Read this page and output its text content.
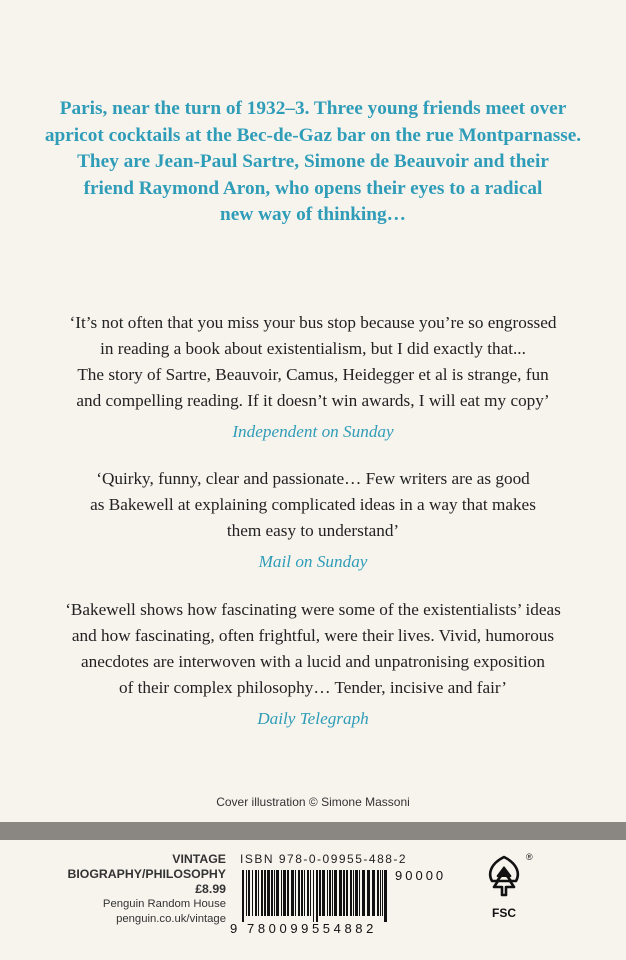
Paris, near the turn of 1932–3. Three young friends meet over
apricot cocktails at the Bec-de-Gaz bar on the rue Montparnasse.
They are Jean-Paul Sartre, Simone de Beauvoir and their
friend Raymond Aron, who opens their eyes to a radical
new way of thinking…
‘It’s not often that you miss your bus stop because you’re so engrossed
in reading a book about existentialism, but I did exactly that...
The story of Sartre, Beauvoir, Camus, Heidegger et al is strange, fun
and compelling reading. If it doesn’t win awards, I will eat my copy’
Independent on Sunday
‘Quirky, funny, clear and passionate… Few writers are as good
as Bakewell at explaining complicated ideas in a way that makes
them easy to understand’
Mail on Sunday
‘Bakewell shows how fascinating were some of the existentialists’ ideas
and how fascinating, often frightful, were their lives. Vivid, humorous
anecdotes are interwoven with a lucid and unpatronising exposition
of their complex philosophy… Tender, incisive and fair’
Daily Telegraph
Cover illustration © Simone Massoni
VINTAGE
BIOGRAPHY/PHILOSOPHY
£8.99
Penguin Random House
penguin.co.uk/vintage
ISBN 978-0-09955-488-2
90000
9 780099554882
FSC
®
